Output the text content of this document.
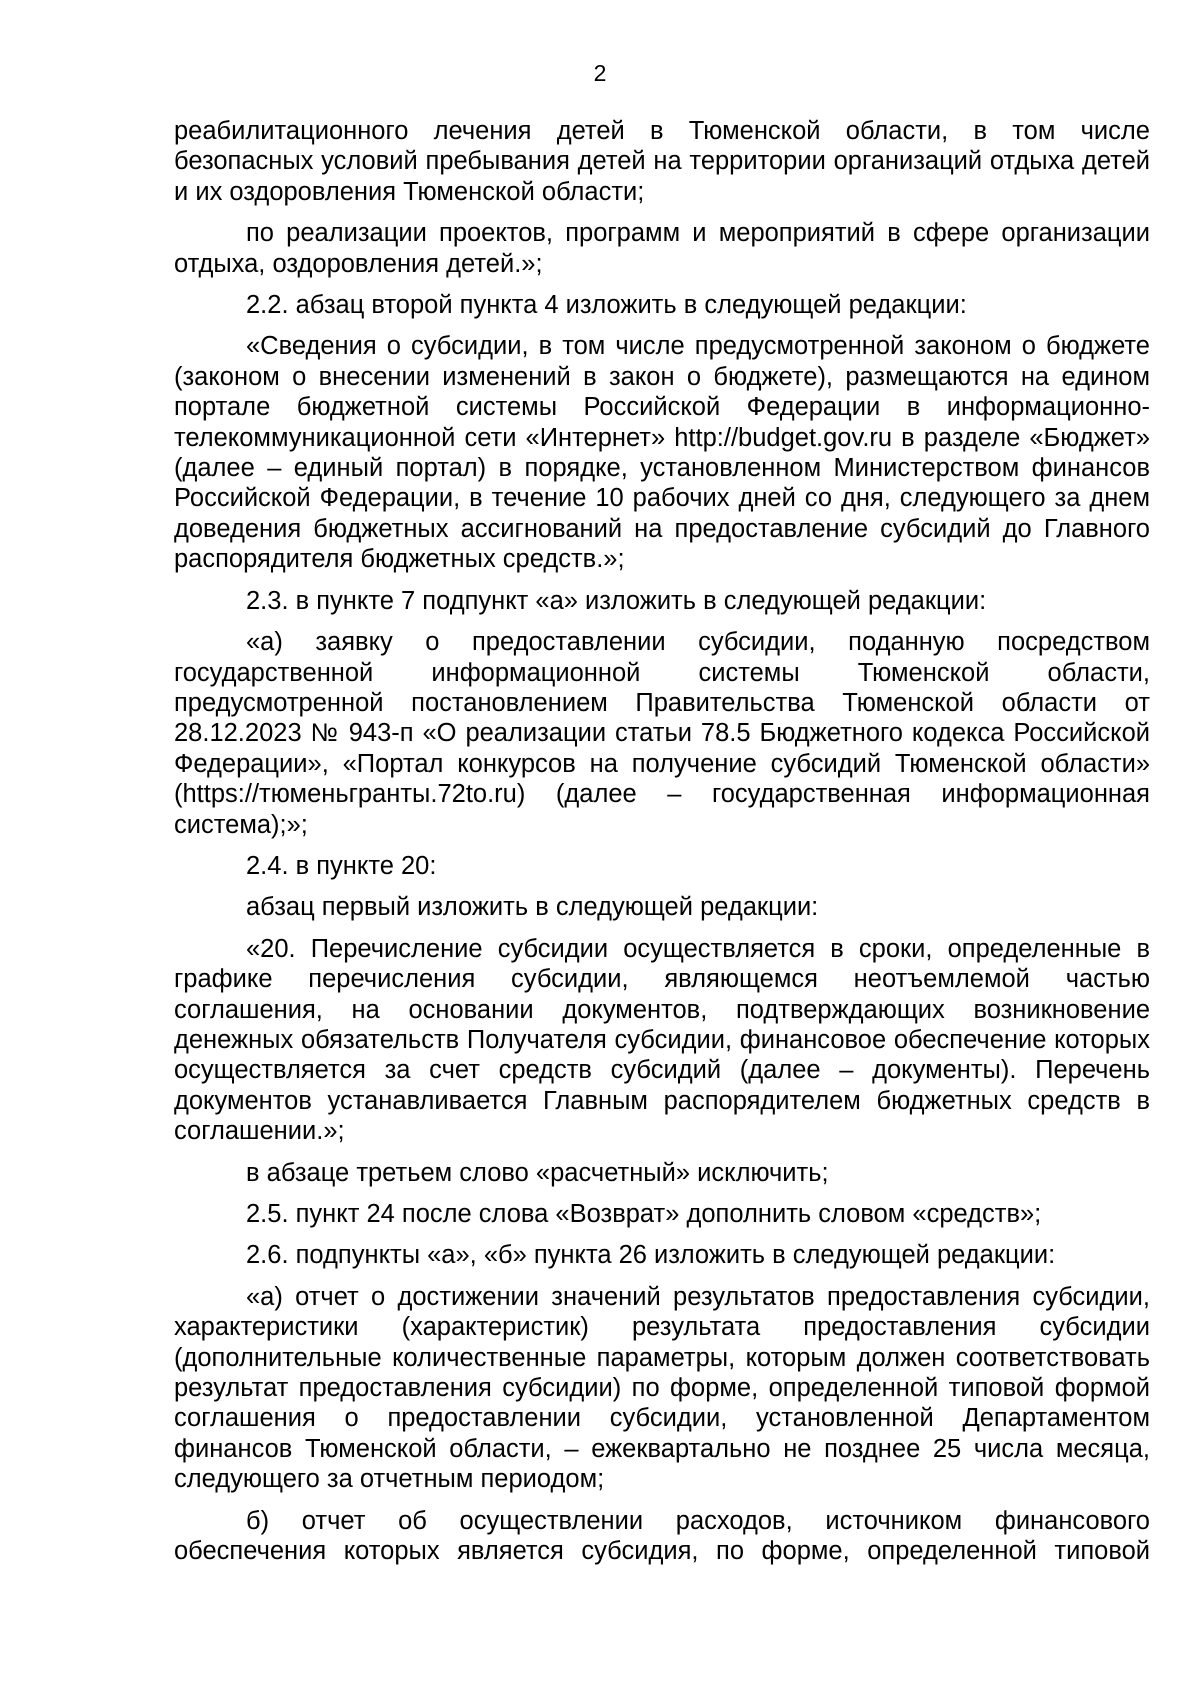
2

реабилитационного лечения детей в Тюменской области, в том числе безопасных условий пребывания детей на территории организаций отдыха детей и их оздоровления Тюменской области;

по реализации проектов, программ и мероприятий в сфере организации отдыха, оздоровления детей.»;

2.2. абзац второй пункта 4 изложить в следующей редакции:

«Сведения о субсидии, в том числе предусмотренной законом о бюджете (законом о внесении изменений в закон о бюджете), размещаются на едином портале бюджетной системы Российской Федерации в информационно-телекоммуникационной сети «Интернет» http://budget.gov.ru в разделе «Бюджет» (далее – единый портал) в порядке, установленном Министерством финансов Российской Федерации, в течение 10 рабочих дней со дня, следующего за днем доведения бюджетных ассигнований на предоставление субсидий до Главного распорядителя бюджетных средств.»;

2.3. в пункте 7 подпункт «а» изложить в следующей редакции:

«а) заявку о предоставлении субсидии, поданную посредством государственной информационной системы Тюменской области, предусмотренной постановлением Правительства Тюменской области от 28.12.2023 № 943-п «О реализации статьи 78.5 Бюджетного кодекса Российской Федерации», «Портал конкурсов на получение субсидий Тюменской области» (https://тюменьгранты.72to.ru) (далее – государственная информационная система);»;

2.4. в пункте 20:

абзац первый изложить в следующей редакции:

«20. Перечисление субсидии осуществляется в сроки, определенные в графике перечисления субсидии, являющемся неотъемлемой частью соглашения, на основании документов, подтверждающих возникновение денежных обязательств Получателя субсидии, финансовое обеспечение которых осуществляется за счет средств субсидий (далее – документы). Перечень документов устанавливается Главным распорядителем бюджетных средств в соглашении.»;

в абзаце третьем слово «расчетный» исключить;

2.5. пункт 24 после слова «Возврат» дополнить словом «средств»;

2.6. подпункты «а», «б» пункта 26 изложить в следующей редакции:

«а) отчет о достижении значений результатов предоставления субсидии, характеристики (характеристик) результата предоставления субсидии (дополнительные количественные параметры, которым должен соответствовать результат предоставления субсидии) по форме, определенной типовой формой соглашения о предоставлении субсидии, установленной Департаментом финансов Тюменской области, – ежеквартально не позднее 25 числа месяца, следующего за отчетным периодом;

б) отчет об осуществлении расходов, источником финансового обеспечения которых является субсидия, по форме, определенной типовой
